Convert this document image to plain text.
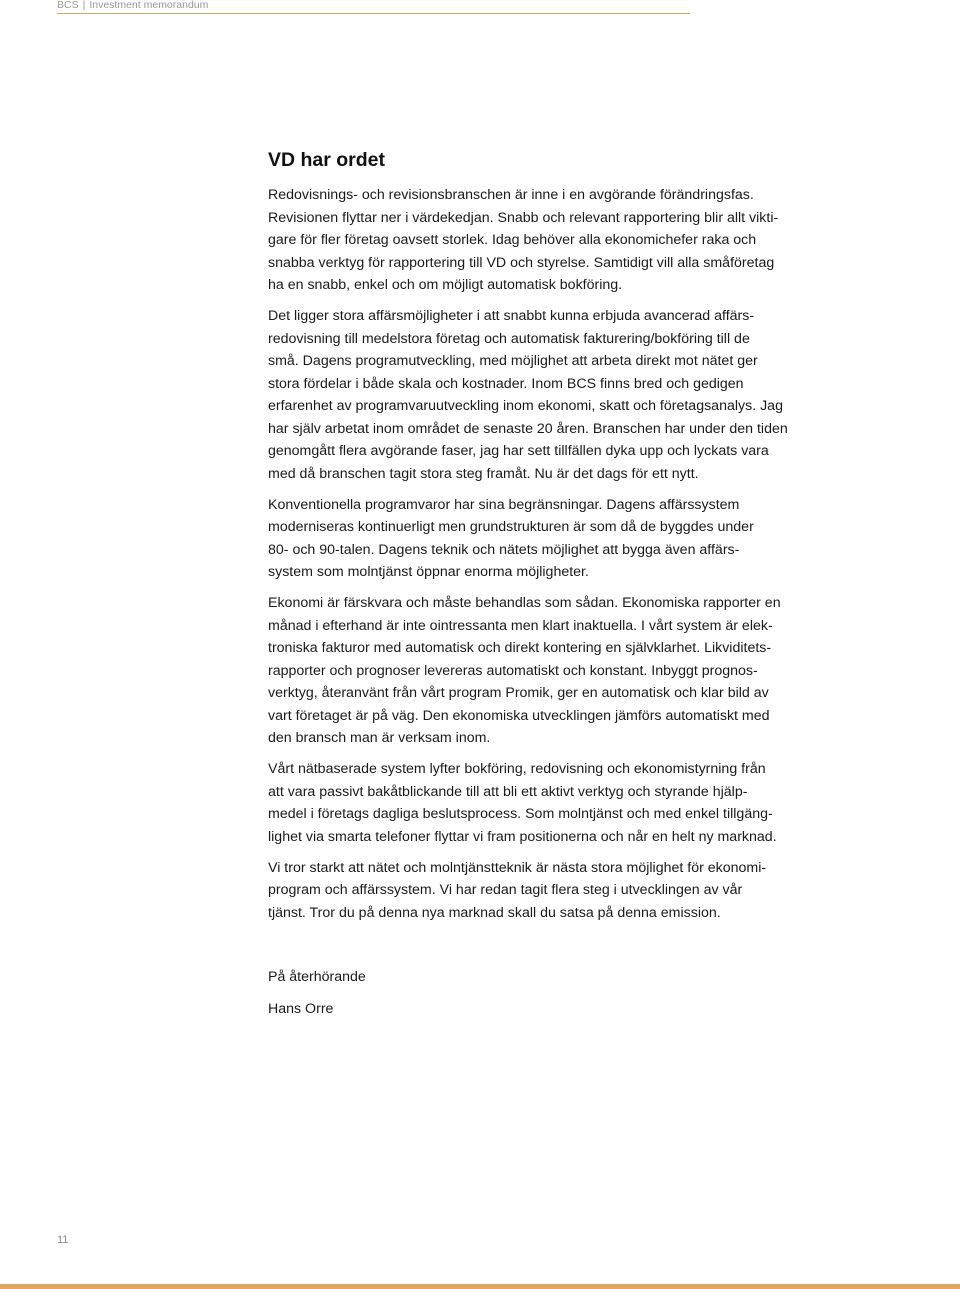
BCS | Investment memorandum
VD har ordet

Redovisnings- och revisionsbranschen är inne i en avgörande förändringsfas.
Revisionen flyttar ner i värdekedjan. Snabb och relevant rapportering blir allt vikti-
gare för fler företag oavsett storlek. Idag behöver alla ekonomichefer raka och
snabba verktyg för rapportering till VD och styrelse. Samtidigt vill alla småföretag
ha en snabb, enkel och om möjligt automatisk bokföring.

Det ligger stora affärsmöjligheter i att snabbt kunna erbjuda avancerad affärs-
redovisning till medelstora företag och automatisk fakturering/bokföring till de
små. Dagens programutveckling, med möjlighet att arbeta direkt mot nätet ger
stora fördelar i både skala och kostnader. Inom BCS finns bred och gedigen
erfarenhet av programvaruutveckling inom ekonomi, skatt och företagsanalys. Jag
har själv arbetat inom området de senaste 20 åren. Branschen har under den tiden
genomgått flera avgörande faser, jag har sett tillfällen dyka upp och lyckats vara
med då branschen tagit stora steg framåt. Nu är det dags för ett nytt.

Konventionella programvaror har sina begränsningar. Dagens affärssystem
moderniseras kontinuerligt men grundstrukturen är som då de byggdes under
80- och 90-talen. Dagens teknik och nätets möjlighet att bygga även affärs-
system som molntjänst öppnar enorma möjligheter.

Ekonomi är färskvara och måste behandlas som sådan. Ekonomiska rapporter en
månad i efterhand är inte ointressanta men klart inaktuella. I vårt system är elek-
troniska fakturor med automatisk och direkt kontering en självklarhet. Likviditets-
rapporter och prognoser levereras automatiskt och konstant. Inbyggt prognos-
verktyg, återanvänt från vårt program Promik, ger en automatisk och klar bild av
vart företaget är på väg. Den ekonomiska utvecklingen jämförs automatiskt med
den bransch man är verksam inom.

Vårt nätbaserade system lyfter bokföring, redovisning och ekonomistyrning från
att vara passivt bakåtblickande till att bli ett aktivt verktyg och styrande hjälp-
medel i företags dagliga beslutsprocess. Som molntjänst och med enkel tillgäng-
lighet via smarta telefoner flyttar vi fram positionerna och når en helt ny marknad.

Vi tror starkt att nätet och molntjänstteknik är nästa stora möjlighet för ekonomi-
program och affärssystem. Vi har redan tagit flera steg i utvecklingen av vår
tjänst. Tror du på denna nya marknad skall du satsa på denna emission.

På återhörande

Hans Orre

11
